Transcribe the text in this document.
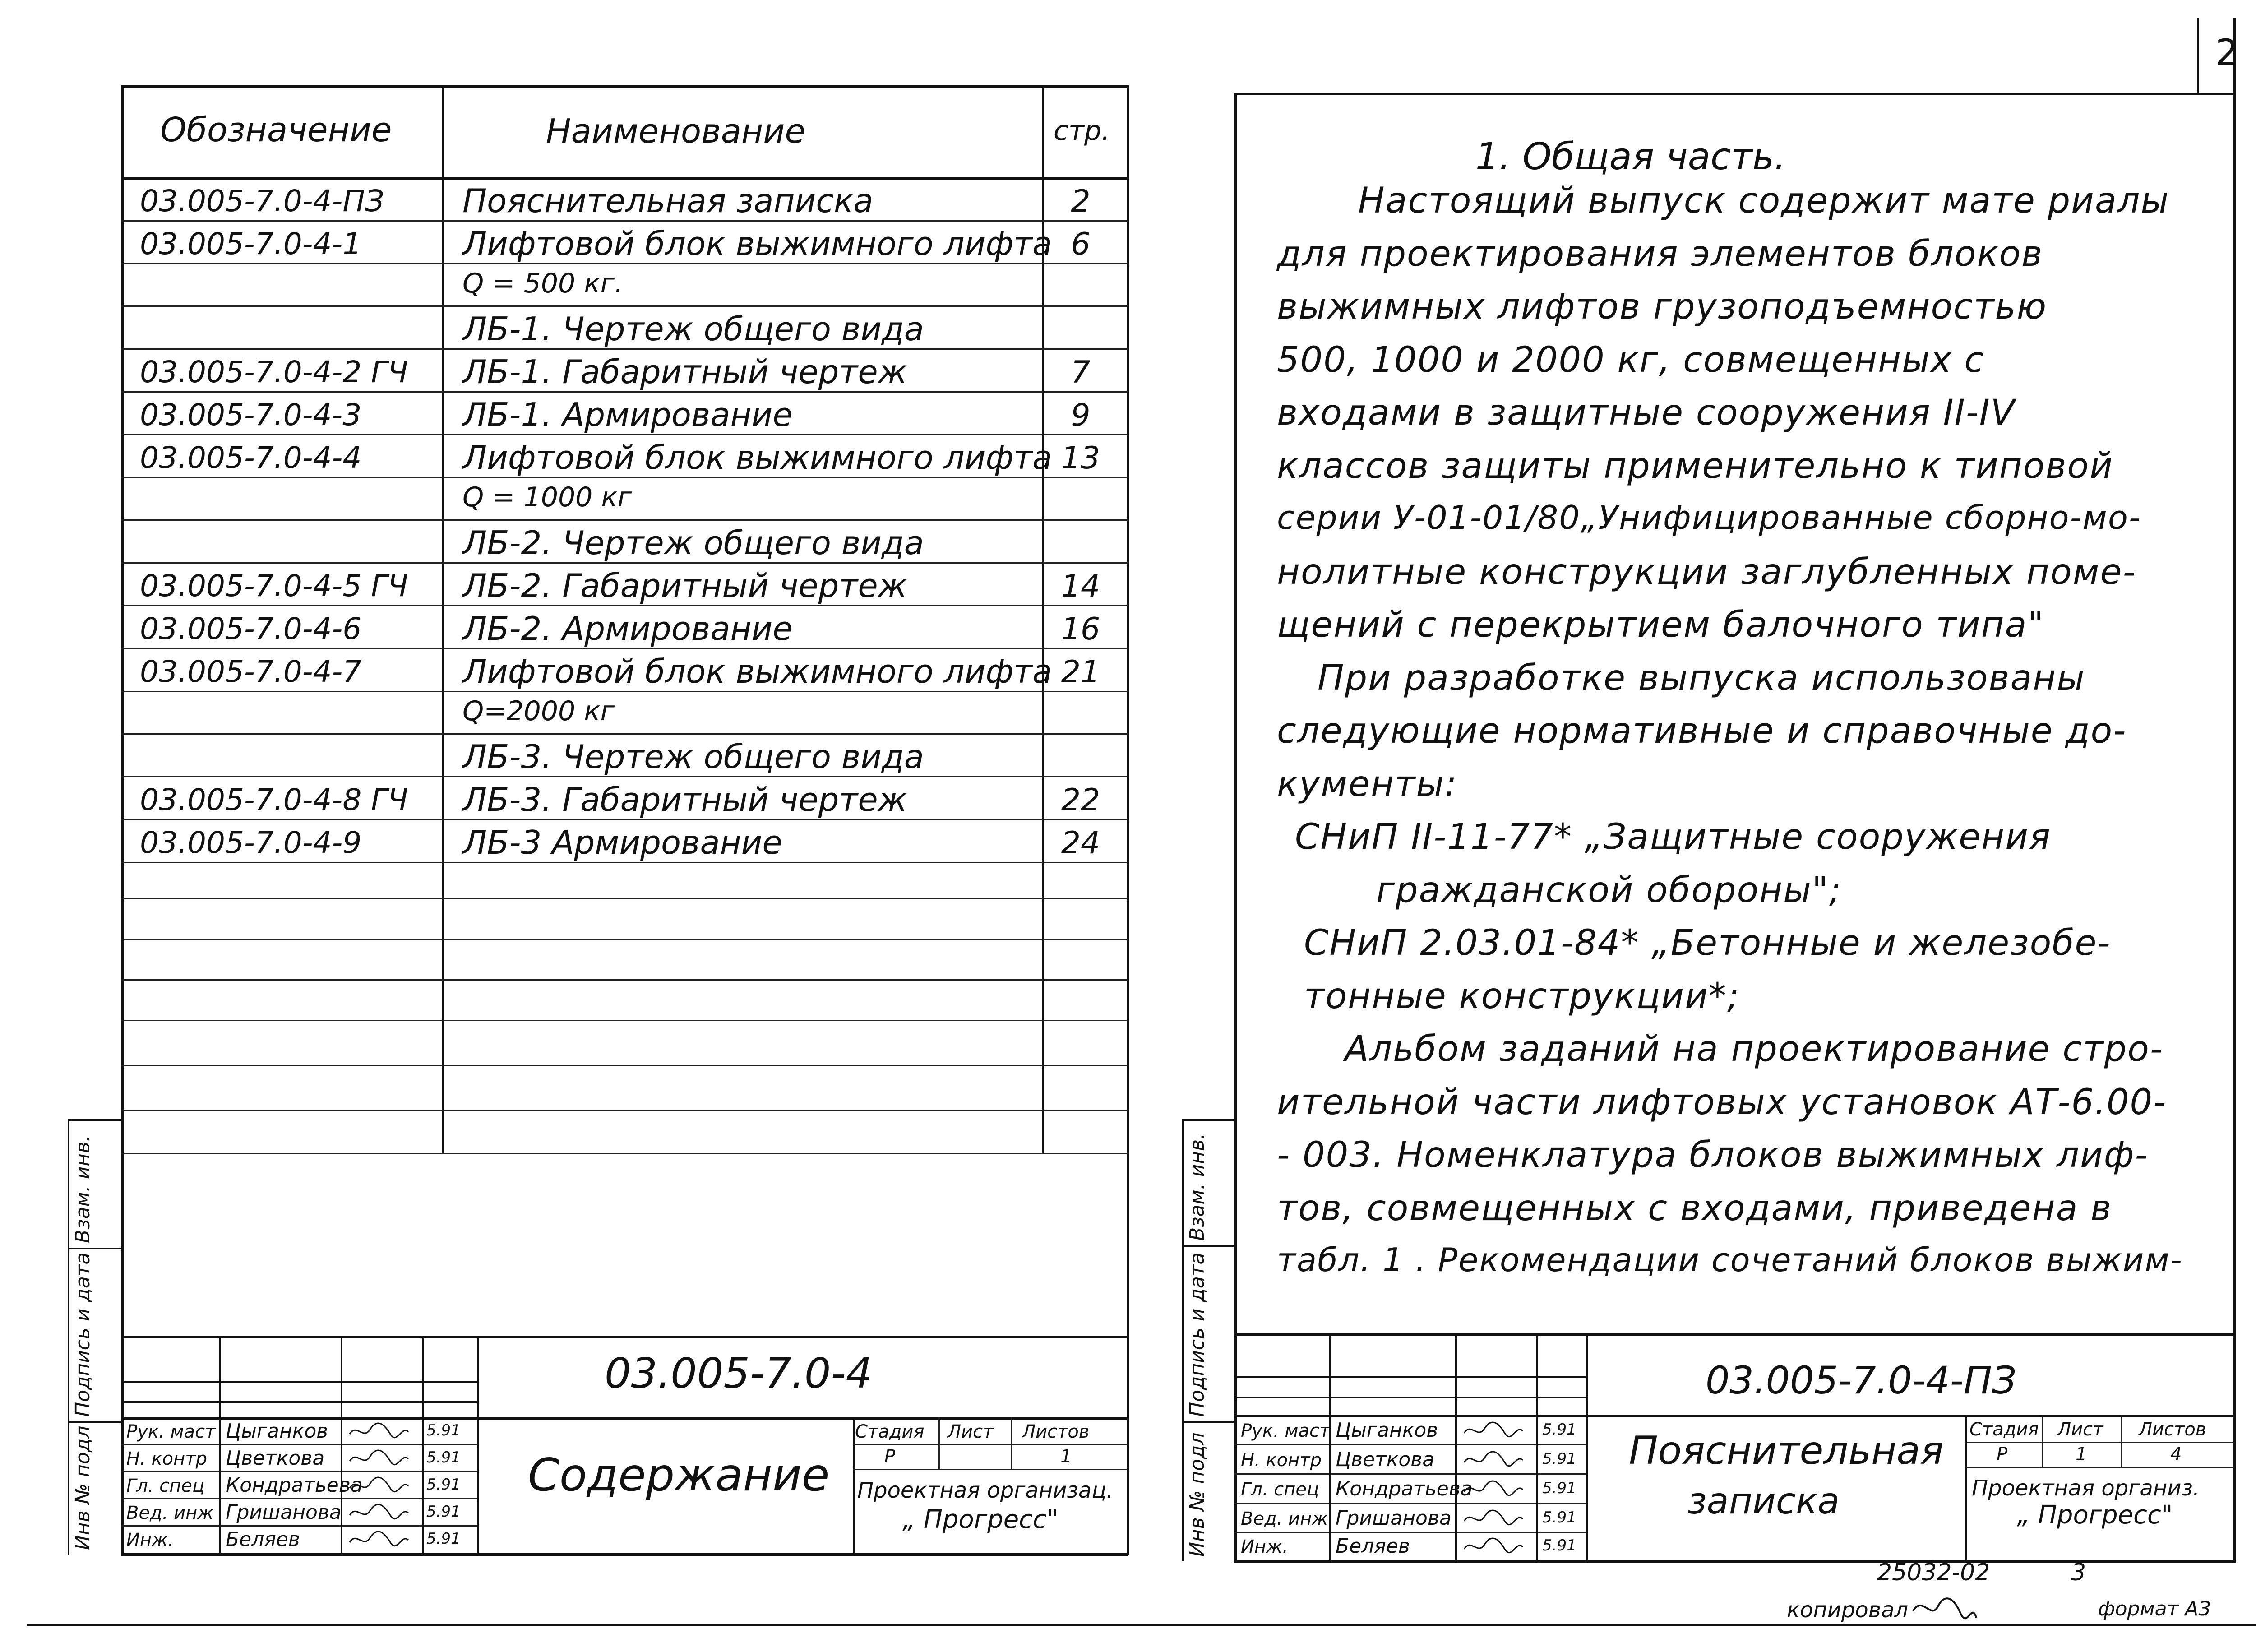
2
Взам. инв.
Подпись и дата
Инв № подл
Обозначение	Наименование	стр.
03.005-7.0-4-ПЗ Пояснительная записка	2
03.005-7.0-4-1	Лифтовой блок выжимного лифта 6
Q = 500 кг.
ЛБ-1. Чертеж общего вида
03.005-7.0-4-2 ГЧ ЛБ-1. Габаритный чертеж	7
03.005-7.0-4-3	ЛБ-1. Армирование	9
03.005-7.0-4-4	Лифтовой блок выжимного лифта 13
Q = 1000 кг
ЛБ-2. Чертеж общего вида
03.005-7.0-4-5 ГЧ ЛБ-2. Габаритный чертеж	14
03.005-7.0-4-6	ЛБ-2. Армирование	16
03.005-7.0-4-7	Лифтовой блок выжимного лифта 21
Q=2000 кг
ЛБ-3. Чертеж общего вида
03.005-7.0-4-8 ГЧ ЛБ-3. Габаритный чертеж	22
03.005-7.0-4-9	ЛБ-3 Армирование	24
03.005-7.0-4
Содержание
Стадия Лист Листов
Р	1
Проектная организац.
„ Прогресс"
Рук. маст Цыганков	5.91
Н. контр Цветкова	5.91
Гл. спец Кондратьева	5.91
Вед. инж Гришанова	5.91
Инж.	Беляев	5.91
Взам. инв.
Подпись и дата
Инв № подл
1. Общая часть.
Настоящий выпуск содержит мате риалы
для проектирования элементов блоков
выжимных лифтов грузоподъемностью
500, 1000 и 2000 кг, совмещенных с
входами в защитные сооружения II-IV
классов защиты применительно к типовой
серии У-01-01/80„Унифицированные сборно-мо-
нолитные конструкции заглубленных поме-
щений с перекрытием балочного типа"
При разработке выпуска использованы
следующие нормативные и справочные до-
кументы:
СНиП II-11-77* „Защитные сооружения
гражданской обороны";
СНиП 2.03.01-84* „Бетонные и железобе-
тонные конструкции*;
Альбом заданий на проектирование стро-
ительной части лифтовых установок АТ-6.00-
- 003. Номенклатура блоков выжимных лиф-
тов, совмещенных с входами, приведена в
табл. 1 . Рекомендации сочетаний блоков выжим-
03.005-7.0-4-ПЗ
Пояснительная
записка
Стадия Лист Листов
Р	1	4
Проектная организ.
„ Прогресс"
Рук. маст Цыганков	5.91
Н. контр Цветкова	5.91
Гл. спец Кондратьева	5.91
Вед. инж Гришанова	5.91
Инж. Беляев	5.91
25032-02	3
копировал	формат А3
